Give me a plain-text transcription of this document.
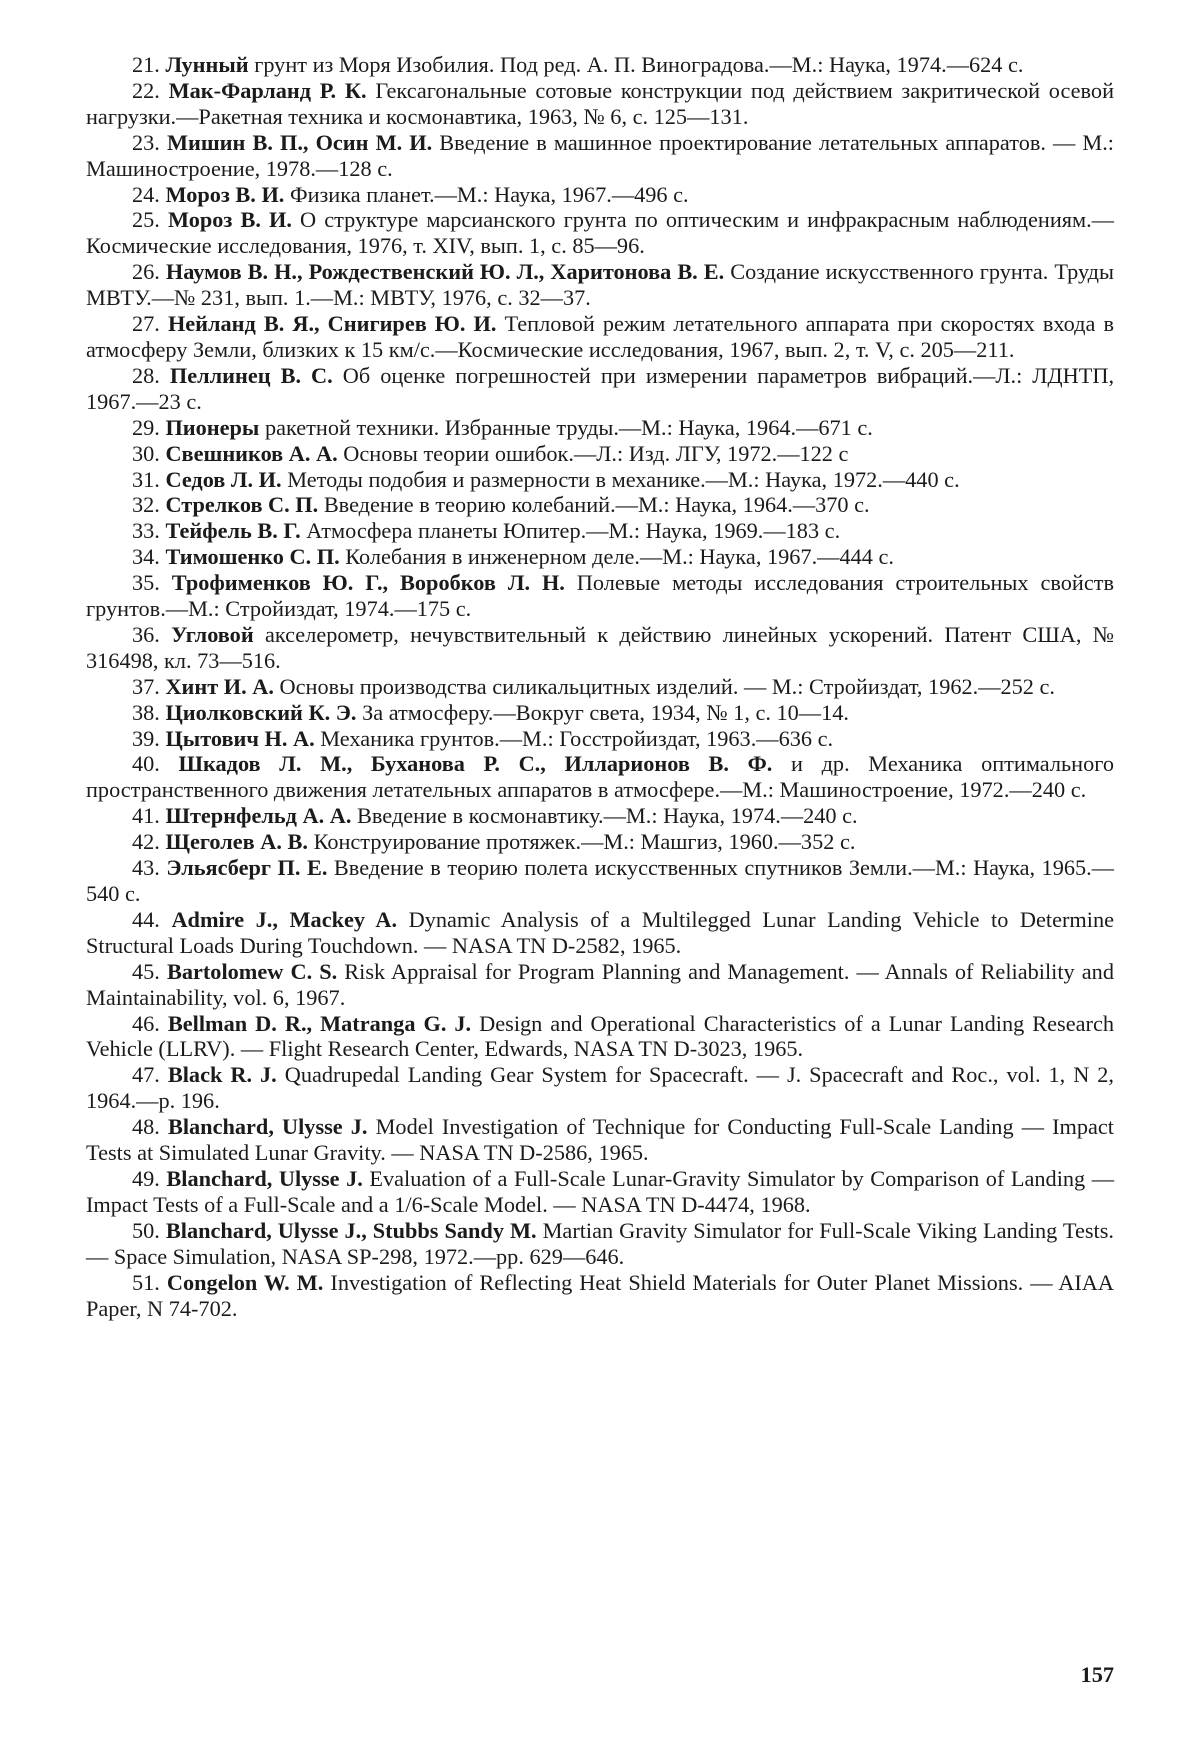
21. Лунный грунт из Моря Изобилия. Под ред. А. П. Виноградова.—М.: Наука, 1974.—624 с.

22. Мак-Фарланд Р. К. Гексагональные сотовые конструкции под действием закритической осевой нагрузки.—Ракетная техника и космонавтика, 1963, № 6, с. 125—131.

23. Мишин В. П., Осин М. И. Введение в машинное проектирование летательных аппаратов. — М.: Машиностроение, 1978.—128 с.

24. Мороз В. И. Физика планет.—М.: Наука, 1967.—496 с.

25. Мороз В. И. О структуре марсианского грунта по оптическим и инфракрасным наблюдениям.—Космические исследования, 1976, т. XIV, вып. 1, с. 85—96.

26. Наумов В. Н., Рождественский Ю. Л., Харитонова В. Е. Создание искусственного грунта. Труды МВТУ.—№ 231, вып. 1.—М.: МВТУ, 1976, с. 32—37.

27. Нейланд В. Я., Снигирев Ю. И. Тепловой режим летательного аппарата при скоростях входа в атмосферу Земли, близких к 15 км/с.—Космические исследования, 1967, вып. 2, т. V, с. 205—211.

28. Пеллинец В. С. Об оценке погрешностей при измерении параметров вибраций.—Л.: ЛДНТП, 1967.—23 с.

29. Пионеры ракетной техники. Избранные труды.—М.: Наука, 1964.—671 с.

30. Свешников А. А. Основы теории ошибок.—Л.: Изд. ЛГУ, 1972.—122 с

31. Седов Л. И. Методы подобия и размерности в механике.—М.: Наука, 1972.—440 с.

32. Стрелков С. П. Введение в теорию колебаний.—М.: Наука, 1964.—370 с.

33. Тейфель В. Г. Атмосфера планеты Юпитер.—М.: Наука, 1969.—183 с.

34. Тимошенко С. П. Колебания в инженерном деле.—М.: Наука, 1967.—444 с.

35. Трофименков Ю. Г., Воробков Л. Н. Полевые методы исследования строительных свойств грунтов.—М.: Стройиздат, 1974.—175 с.

36. Угловой акселерометр, нечувствительный к действию линейных ускорений. Патент США, № 316498, кл. 73—516.

37. Хинт И. А. Основы производства силикальцитных изделий. — М.: Стройиздат, 1962.—252 с.

38. Циолковский К. Э. За атмосферу.—Вокруг света, 1934, № 1, с. 10—14.

39. Цытович Н. А. Механика грунтов.—М.: Госстройиздат, 1963.—636 с.

40. Шкадов Л. М., Буханова Р. С., Илларионов В. Ф. и др. Механика оптимального пространственного движения летательных аппаратов в атмосфере.—М.: Машиностроение, 1972.—240 с.

41. Штернфельд А. А. Введение в космонавтику.—М.: Наука, 1974.—240 с.

42. Щеголев А. В. Конструирование протяжек.—М.: Машгиз, 1960.—352 с.

43. Эльясберг П. Е. Введение в теорию полета искусственных спутников Земли.—М.: Наука, 1965.—540 с.

44. Admire J., Mackey A. Dynamic Analysis of a Multilegged Lunar Landing Vehicle to Determine Structural Loads During Touchdown. — NASA TN D-2582, 1965.

45. Bartolomew C. S. Risk Appraisal for Program Planning and Management. — Annals of Reliability and Maintainability, vol. 6, 1967.

46. Bellman D. R., Matranga G. J. Design and Operational Characteristics of a Lunar Landing Research Vehicle (LLRV). — Flight Research Center, Edwards, NASA TN D-3023, 1965.

47. Black R. J. Quadrupedal Landing Gear System for Spacecraft. — J. Spacecraft and Roc., vol. 1, N 2, 1964.—p. 196.

48. Blanchard, Ulysse J. Model Investigation of Technique for Conducting Full-Scale Landing — Impact Tests at Simulated Lunar Gravity. — NASA TN D-2586, 1965.

49. Blanchard, Ulysse J. Evaluation of a Full-Scale Lunar-Gravity Simulator by Comparison of Landing — Impact Tests of a Full-Scale and a 1/6-Scale Model. — NASA TN D-4474, 1968.

50. Blanchard, Ulysse J., Stubbs Sandy M. Martian Gravity Simulator for Full-Scale Viking Landing Tests. — Space Simulation, NASA SP-298, 1972.—pp. 629—646.

51. Congelon W. M. Investigation of Reflecting Heat Shield Materials for Outer Planet Missions. — AIAA Paper, N 74-702.

157
